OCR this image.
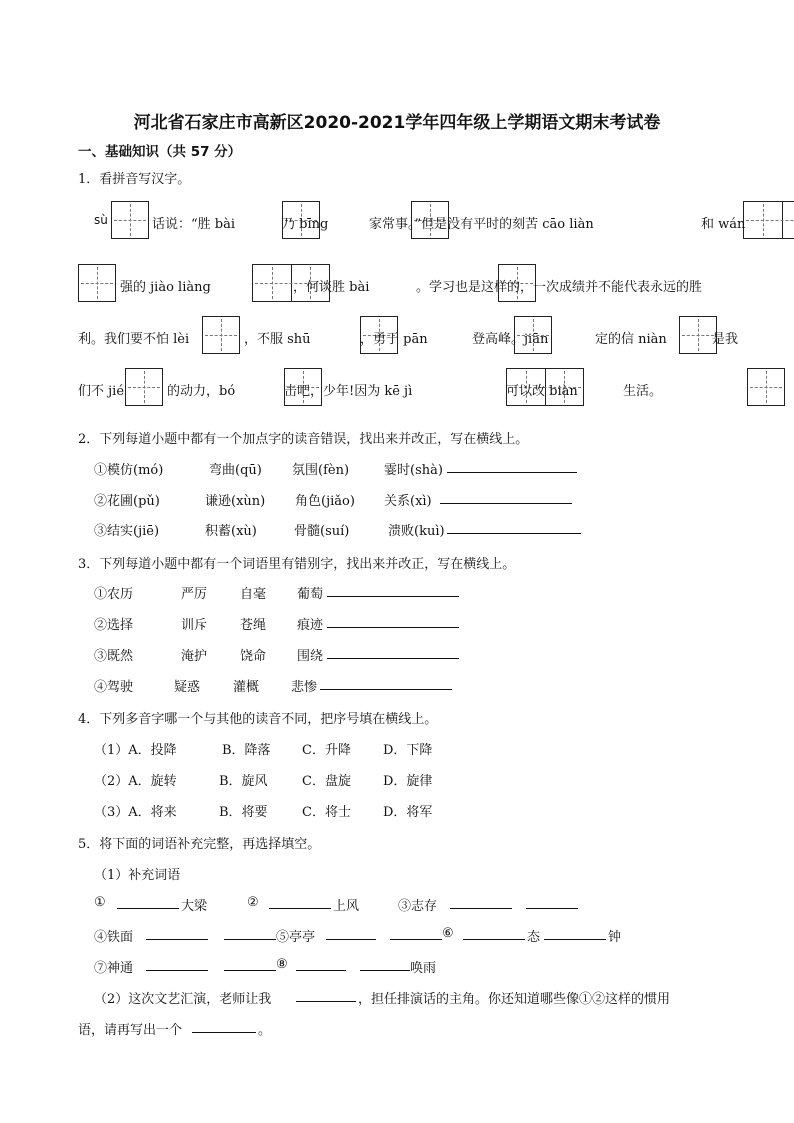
河北省石家庄市高新区2020-2021学年四年级上学期语文期末考试卷
一、基础知识（共 57 分）
1．看拼音写汉字。
sù
	话说：“胜 bài
	乃 bīng
	家常事。”但是没有平时的刻苦 cāo liàn	和 wán

强的 jiào liàng
	，何谈胜 bài	。学习也是这样的，一次成绩并不能代表永远的胜
利。我们要不怕 lèi
	，不服 shū
	，勇于 pān
	登高峰。jiān
	定的信 niàn	是我
们不 jié
	的动力，bó
	击吧，少年!因为 kē jì
	可以改 biàn	生活。
2．下列每道小题中都有一个加点字的读音错误，找出来并改正，写在横线上。
①模仿(mó)	弯曲(qū) 氛围(fèn)	霎时(shà)
②花圃(pǔ)	谦逊(xùn) 角色(jiǎo) 关系(xì)
③结实(jiē)	积蓄(xù)	骨髓(suí)	溃败(kuì)
3．下列每道小题中都有一个词语里有错别字，找出来并改正，写在横线上。
①农历	严厉	自毫 葡萄
②选择	训斥	苍绳 痕迹
③既然	淹护	饶命 围绕
④驾驶	疑惑	灌概 悲惨
4．下列多音字哪一个与其他的读音不同，把序号填在横线上。
（1）A．投降	B．降落 C．升降 D．下降
（2）A．旋转	B．旋风	C．盘旋 D．旋律
（3）A．将来	B．将要	C．将士 D．将军
5．将下面的词语补充完整，再选择填空。
（1）补充词语
①	大梁	②	上风	③志存
④铁面	⑤亭亭	⑥	态	钟
⑦神通	⑧	唤雨
（2）这次文艺汇演，老师让我	，担任排演话的主角。你还知道哪些像①②这样的惯用
语，请再写出一个	。
